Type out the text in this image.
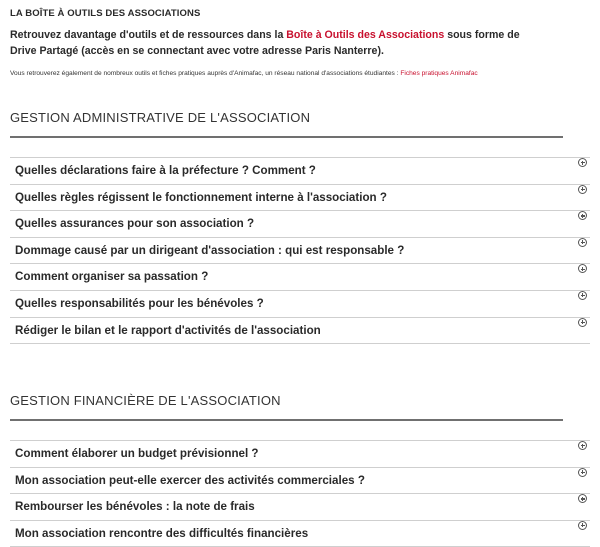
LA BOÎTE À OUTILS DES ASSOCIATIONS
Retrouvez davantage d'outils et de ressources dans la Boîte à Outils des Associations sous forme de Drive Partagé (accès en se connectant avec votre adresse Paris Nanterre).
Vous retrouverez également de nombreux outils et fiches pratiques auprès d'Animafac, un réseau national d'associations étudiantes : Fiches pratiques Animafac
GESTION ADMINISTRATIVE DE L'ASSOCIATION
Quelles déclarations faire à la préfecture ? Comment ?
Quelles règles régissent le fonctionnement interne à l'association ?
Quelles assurances pour son association ?
Dommage causé par un dirigeant d'association : qui est responsable ?
Comment organiser sa passation ?
Quelles responsabilités pour les bénévoles ?
Rédiger le bilan et le rapport d'activités de l'association
GESTION FINANCIÈRE DE L'ASSOCIATION
Comment élaborer un budget prévisionnel ?
Mon association peut-elle exercer des activités commerciales ?
Rembourser les bénévoles : la note de frais
Mon association rencontre des difficultés financières
